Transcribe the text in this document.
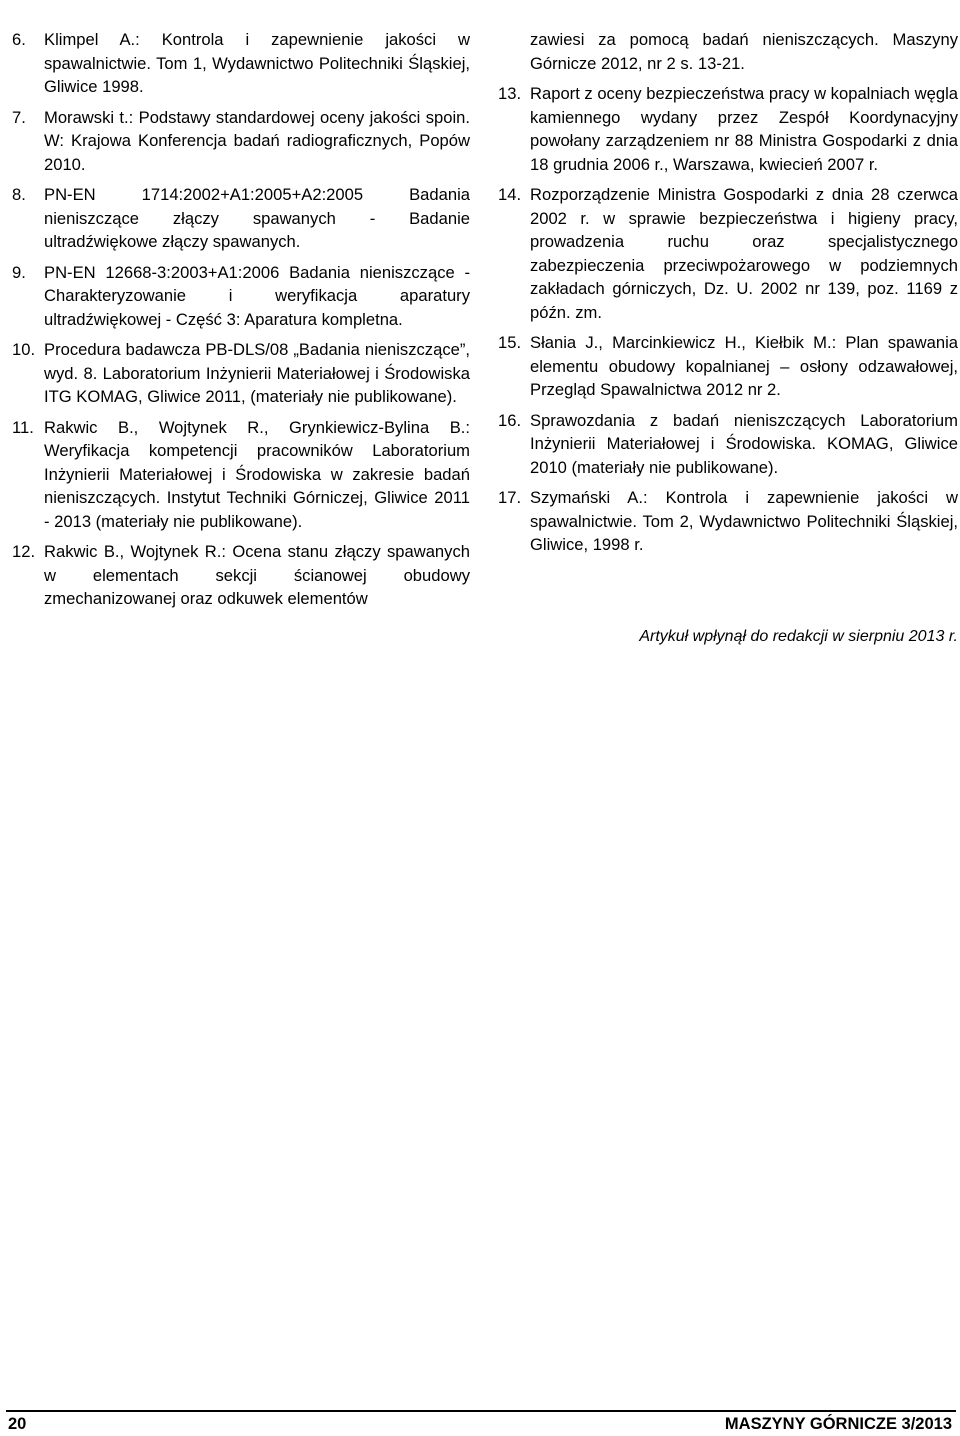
6. Klimpel A.: Kontrola i zapewnienie jakości w spawalnictwie. Tom 1, Wydawnictwo Politechniki Śląskiej, Gliwice 1998.
7. Morawski t.: Podstawy standardowej oceny jakości spoin. W: Krajowa Konferencja badań radiograficznych, Popów 2010.
8. PN-EN 1714:2002+A1:2005+A2:2005 Badania nieniszczące złączy spawanych - Badanie ultradźwiękowe złączy spawanych.
9. PN-EN 12668-3:2003+A1:2006 Badania nieniszczące - Charakteryzowanie i weryfikacja aparatury ultradźwiękowej - Część 3: Aparatura kompletna.
10. Procedura badawcza PB-DLS/08 „Badania nieniszczące”, wyd. 8. Laboratorium Inżynierii Materiałowej i Środowiska ITG KOMAG, Gliwice 2011, (materiały nie publikowane).
11. Rakwic B., Wojtynek R., Grynkiewicz-Bylina B.: Weryfikacja kompetencji pracowników Laboratorium Inżynierii Materiałowej i Środowiska w zakresie badań nieniszczących. Instytut Techniki Górniczej, Gliwice 2011 - 2013 (materiały nie publikowane).
12. Rakwic B., Wojtynek R.: Ocena stanu złączy spawanych w elementach sekcji ścianowej obudowy zmechanizowanej oraz odkuwek elementów
zawiesi za pomocą badań nieniszczących. Maszyny Górnicze 2012, nr 2 s. 13-21.
13. Raport z oceny bezpieczeństwa pracy w kopalniach węgla kamiennego wydany przez Zespół Koordynacyjny powołany zarządzeniem nr 88 Ministra Gospodarki z dnia 18 grudnia 2006 r., Warszawa, kwiecień 2007 r.
14. Rozporządzenie Ministra Gospodarki z dnia 28 czerwca 2002 r. w sprawie bezpieczeństwa i higieny pracy, prowadzenia ruchu oraz specjalistycznego zabezpieczenia przeciwpożarowego w podziemnych zakładach górniczych, Dz. U. 2002 nr 139, poz. 1169 z późn. zm.
15. Słania J., Marcinkiewicz H., Kiełbik M.: Plan spawania elementu obudowy kopalnianej – osłony odzawałowej, Przegląd Spawalnictwa 2012 nr 2.
16. Sprawozdania z badań nieniszczących Laboratorium Inżynierii Materiałowej i Środowiska. KOMAG, Gliwice 2010 (materiały nie publikowane).
17. Szymański A.: Kontrola i zapewnienie jakości w spawalnictwie. Tom 2, Wydawnictwo Politechniki Śląskiej, Gliwice, 1998 r.
Artykuł wpłynął do redakcji w sierpniu 2013 r.
20	MASZYNY GÓRNICZE 3/2013
